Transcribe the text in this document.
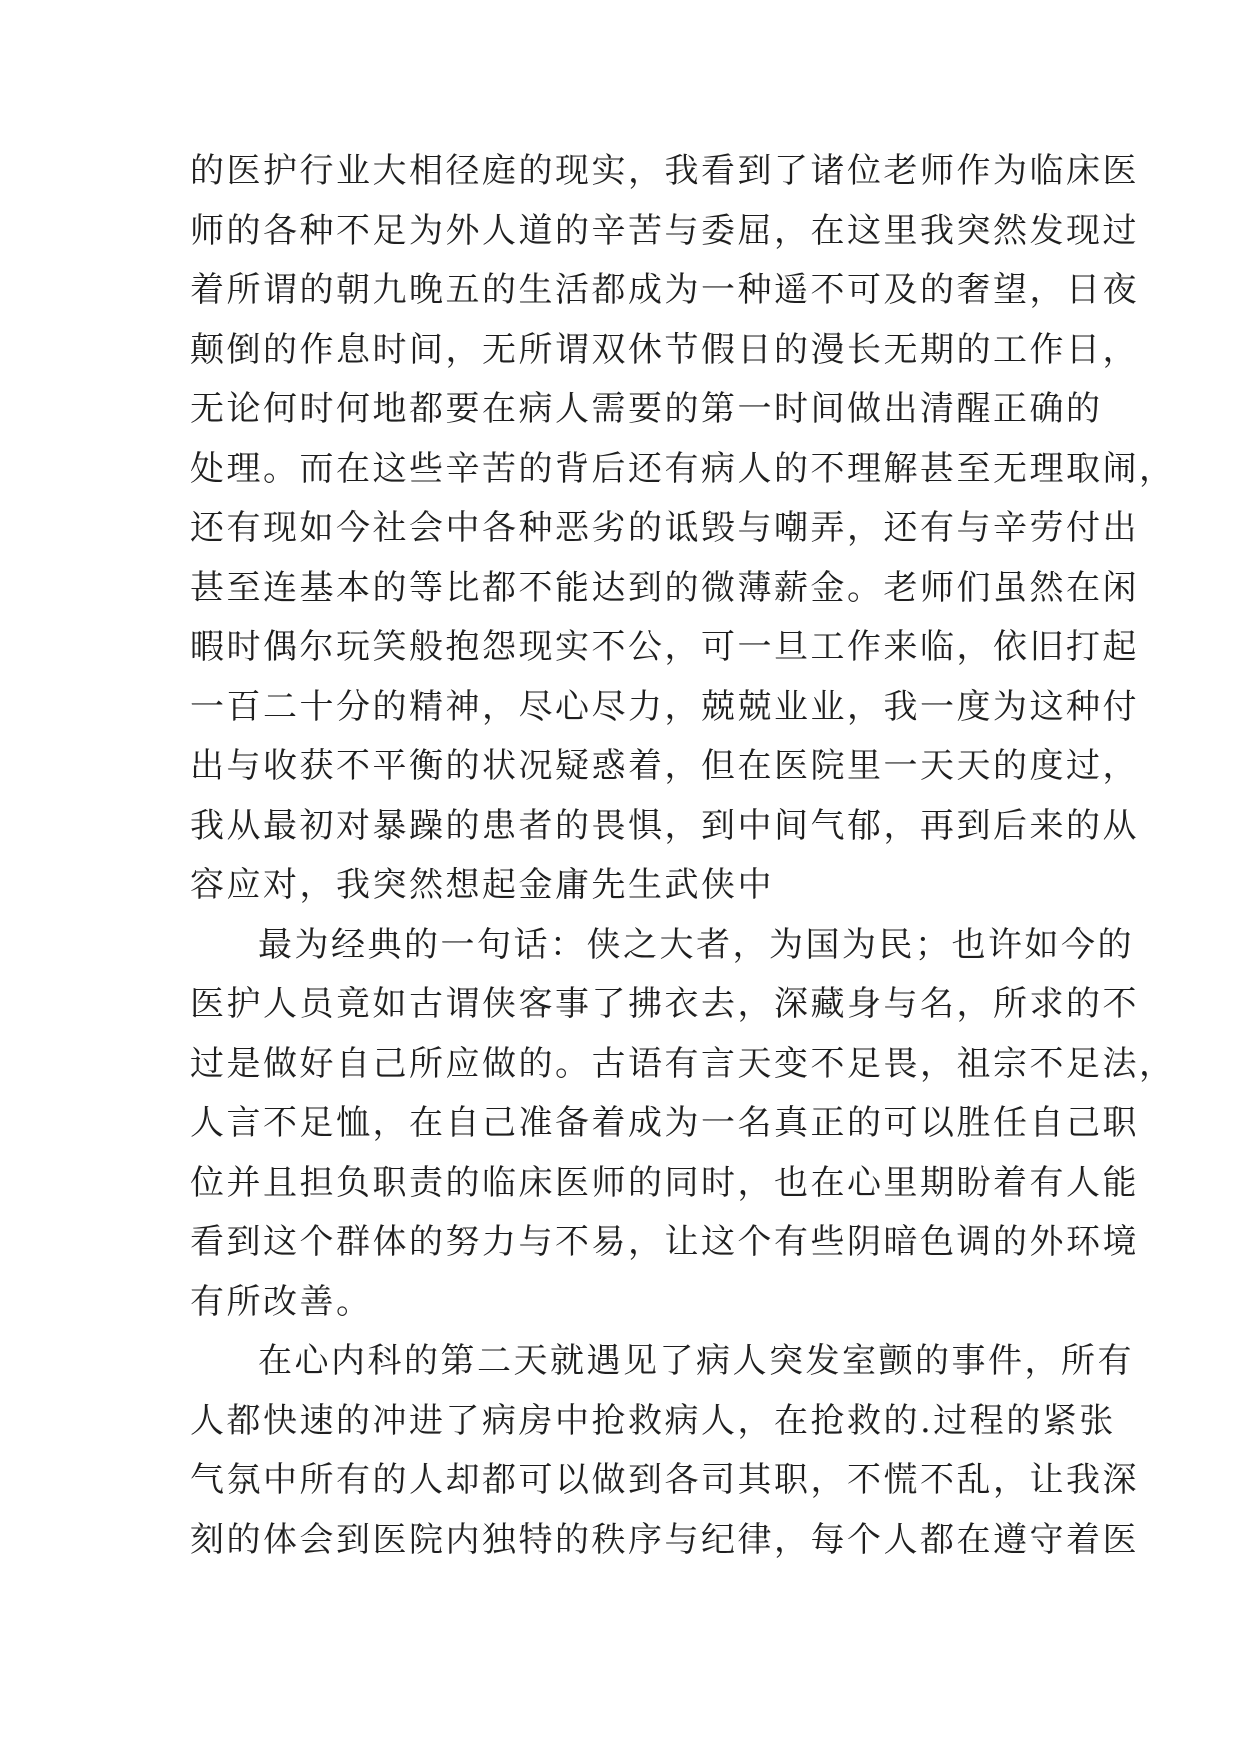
的医护行业大相径庭的现实，我看到了诸位老师作为临床医
师的各种不足为外人道的辛苦与委屈，在这里我突然发现过
着所谓的朝九晚五的生活都成为一种遥不可及的奢望，日夜
颠倒的作息时间，无所谓双休节假日的漫长无期的工作日，
无论何时何地都要在病人需要的第一时间做出清醒正确的
处理。而在这些辛苦的背后还有病人的不理解甚至无理取闹，
还有现如今社会中各种恶劣的诋毁与嘲弄，还有与辛劳付出
甚至连基本的等比都不能达到的微薄薪金。老师们虽然在闲
暇时偶尔玩笑般抱怨现实不公，可一旦工作来临，依旧打起
一百二十分的精神，尽心尽力，兢兢业业，我一度为这种付
出与收获不平衡的状况疑惑着，但在医院里一天天的度过，
我从最初对暴躁的患者的畏惧，到中间气郁，再到后来的从
容应对，我突然想起金庸先生武侠中
最为经典的一句话：侠之大者，为国为民；也许如今的
医护人员竟如古谓侠客事了拂衣去，深藏身与名，所求的不
过是做好自己所应做的。古语有言天变不足畏，祖宗不足法，
人言不足恤，在自己准备着成为一名真正的可以胜任自己职
位并且担负职责的临床医师的同时，也在心里期盼着有人能
看到这个群体的努力与不易，让这个有些阴暗色调的外环境
有所改善。
在心内科的第二天就遇见了病人突发室颤的事件，所有
人都快速的冲进了病房中抢救病人，在抢救的.过程的紧张
气氛中所有的人却都可以做到各司其职，不慌不乱，让我深
刻的体会到医院内独特的秩序与纪律，每个人都在遵守着医
